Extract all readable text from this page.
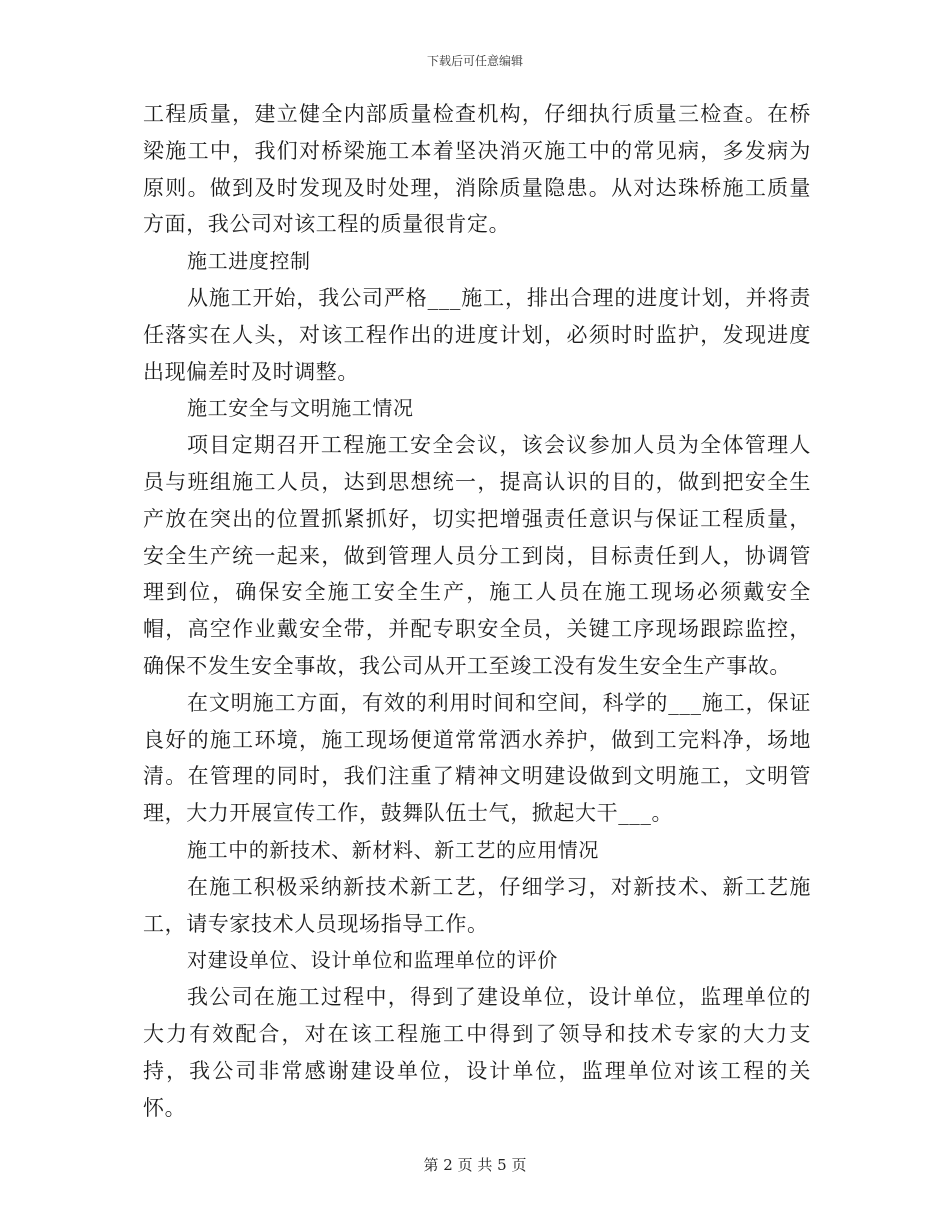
下载后可任意编辑

工程质量，建立健全内部质量检查机构，仔细执行质量三检查。在桥梁施工中，我们对桥梁施工本着坚决消灭施工中的常见病，多发病为原则。做到及时发现及时处理，消除质量隐患。从对达珠桥施工质量方面，我公司对该工程的质量很肯定。

施工进度控制

从施工开始，我公司严格___施工，排出合理的进度计划，并将责任落实在人头，对该工程作出的进度计划，必须时时监护，发现进度出现偏差时及时调整。

施工安全与文明施工情况

项目定期召开工程施工安全会议，该会议参加人员为全体管理人员与班组施工人员，达到思想统一，提高认识的目的，做到把安全生产放在突出的位置抓紧抓好，切实把增强责任意识与保证工程质量，安全生产统一起来，做到管理人员分工到岗，目标责任到人，协调管理到位，确保安全施工安全生产，施工人员在施工现场必须戴安全帽，高空作业戴安全带，并配专职安全员，关键工序现场跟踪监控，确保不发生安全事故，我公司从开工至竣工没有发生安全生产事故。

在文明施工方面，有效的利用时间和空间，科学的___施工，保证良好的施工环境，施工现场便道常常洒水养护，做到工完料净，场地清。在管理的同时，我们注重了精神文明建设做到文明施工，文明管理，大力开展宣传工作，鼓舞队伍士气，掀起大干___。

施工中的新技术、新材料、新工艺的应用情况

在施工积极采纳新技术新工艺，仔细学习，对新技术、新工艺施工，请专家技术人员现场指导工作。

对建设单位、设计单位和监理单位的评价

我公司在施工过程中，得到了建设单位，设计单位，监理单位的大力有效配合，对在该工程施工中得到了领导和技术专家的大力支持，我公司非常感谢建设单位，设计单位，监理单位对该工程的关怀。

第 2 页 共 5 页
